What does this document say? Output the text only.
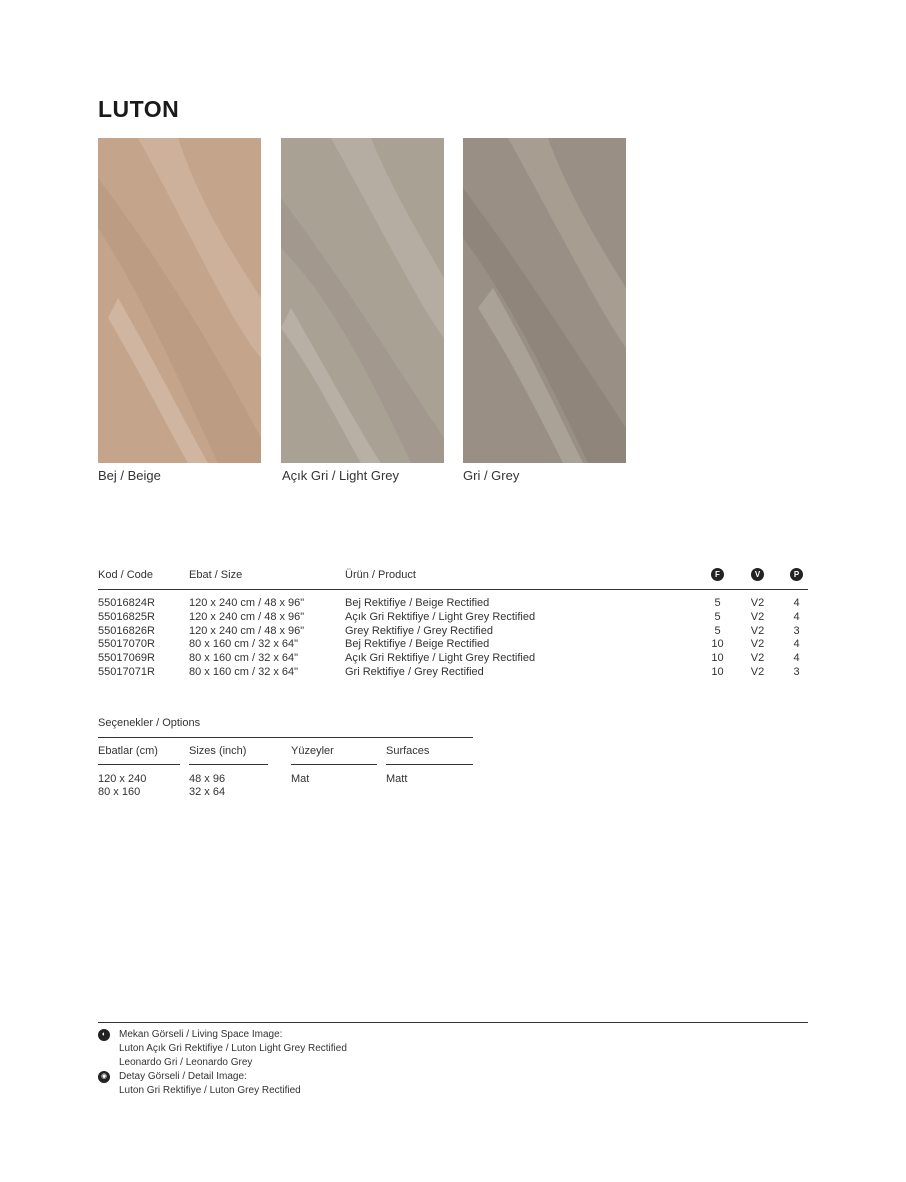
LUTON
Bej / Beige	Açık Gri / Light Grey	Gri / Grey
Kod / Code	Ebat / Size	Ürün / Product	F	V	P
55016824R	120 x 240 cm / 48 x 96"	Bej Rektifiye / Beige Rectified	5	V2	4
55016825R	120 x 240 cm / 48 x 96"	Açık Gri Rektifiye / Light Grey Rectified	5	V2	4
55016826R	120 x 240 cm / 48 x 96"	Grey Rektifiye / Grey Rectified	5	V2	3
55017070R	80 x 160 cm / 32 x 64"	Bej Rektifiye / Beige Rectified	10	V2	4
55017069R	80 x 160 cm / 32 x 64"	Açık Gri Rektifiye / Light Grey Rectified	10	V2	4
55017071R	80 x 160 cm / 32 x 64"	Gri Rektifiye / Grey Rectified	10	V2	3
Seçenekler / Options
Ebatlar (cm)	Sizes (inch)	Yüzeyler	Surfaces
120 x 240	48 x 96	Mat	Matt
80 x 160	32 x 64
◐	Mekan Görseli / Living Space Image:
Luton Açık Gri Rektifiye / Luton Light Grey Rectified
Leonardo Gri / Leonardo Grey
◉ Detay Görseli / Detail Image:
Luton Gri Rektifiye / Luton Grey Rectified
